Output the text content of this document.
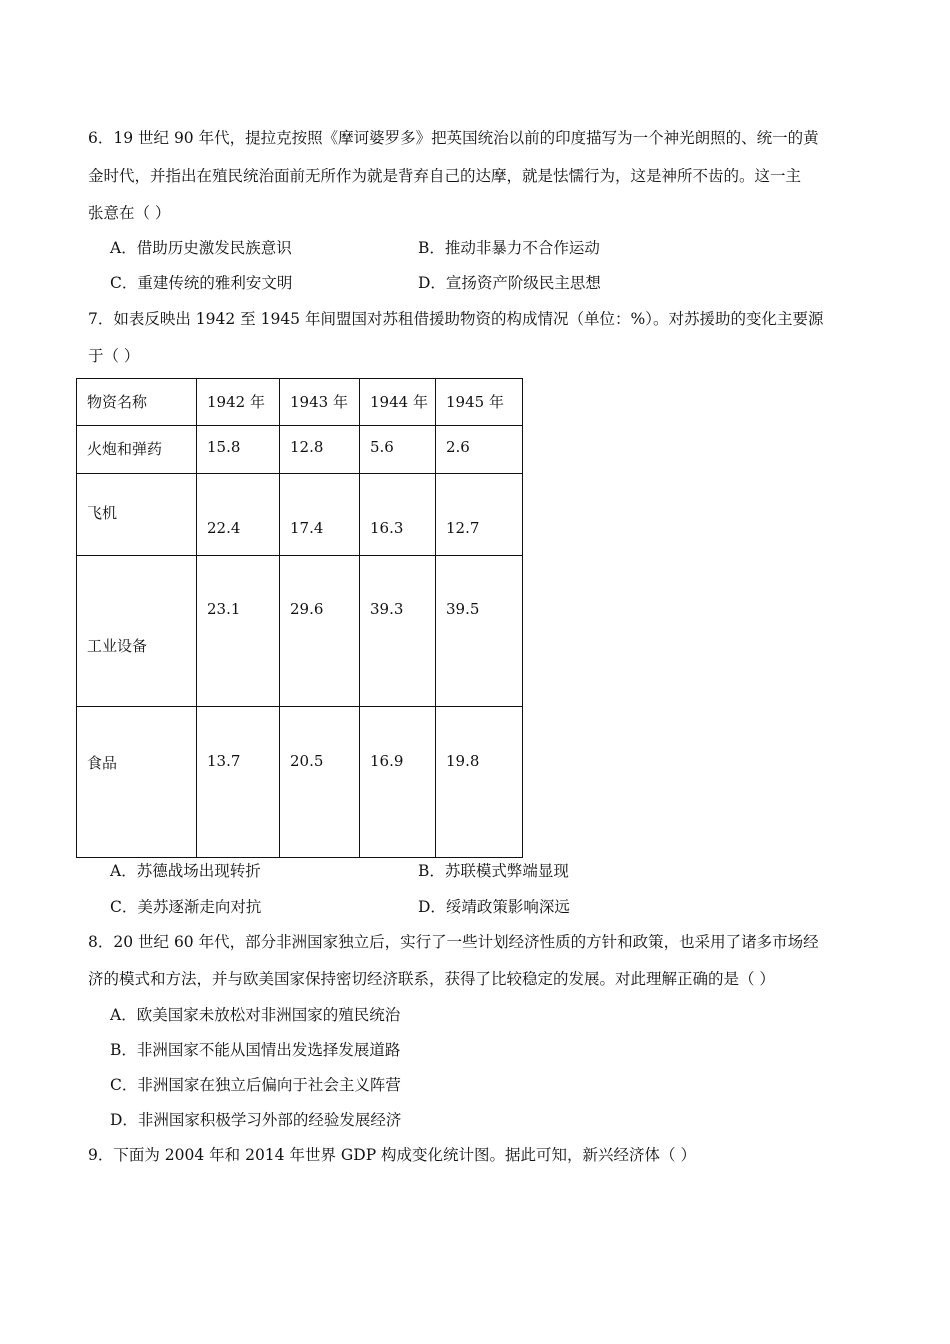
6．19 世纪 90 年代，提拉克按照《摩诃婆罗多》把英国统治以前的印度描写为一个神光朗照的、统一的黄
金时代，并指出在殖民统治面前无所作为就是背弃自己的达摩，就是怯懦行为，这是神所不齿的。这一主
张意在（ ）
A．借助历史激发民族意识	B．推动非暴力不合作运动
C．重建传统的雅利安文明	D．宣扬资产阶级民主思想
7．如表反映出 1942 至 1945 年间盟国对苏租借援助物资的构成情况（单位：%）。对苏援助的变化主要源
于（ ）
物资名称	1942 年	1943 年	1944 年	1945 年

火炮和弹药	15.8	12.8	5.6	2.6

飞机	22.4	17.4	16.3	12.7

工业设备	23.1	29.6	39.3	39.5

食品	13.7	20.5	16.9	19.8
A．苏德战场出现转折	B．苏联模式弊端显现
C．美苏逐渐走向对抗	D．绥靖政策影响深远
8．20 世纪 60 年代，部分非洲国家独立后，实行了一些计划经济性质的方针和政策，也采用了诸多市场经
济的模式和方法，并与欧美国家保持密切经济联系，获得了比较稳定的发展。对此理解正确的是（ ）
A．欧美国家未放松对非洲国家的殖民统治
B．非洲国家不能从国情出发选择发展道路
C．非洲国家在独立后偏向于社会主义阵营
D．非洲国家积极学习外部的经验发展经济
9．下面为 2004 年和 2014 年世界 GDP 构成变化统计图。据此可知，新兴经济体（ ）
